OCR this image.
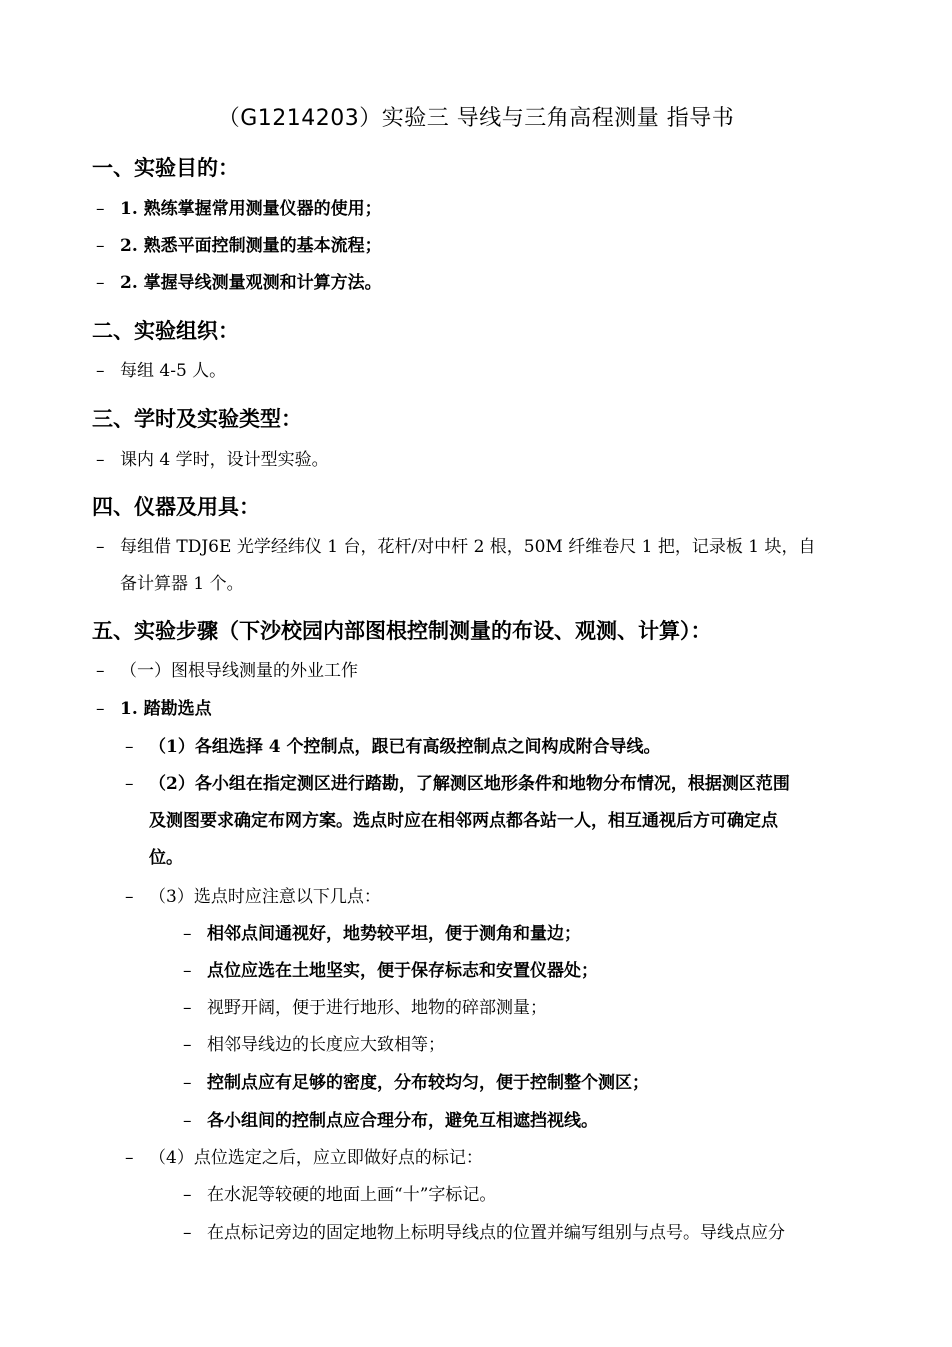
（G1214203）实验三 导线与三角高程测量 指导书
一、实验目的：
– 1. 熟练掌握常用测量仪器的使用；
– 2. 熟悉平面控制测量的基本流程；
– 2. 掌握导线测量观测和计算方法。
二、实验组织：
– 每组 4-5 人。
三、学时及实验类型：
– 课内 4 学时，设计型实验。
四、仪器及用具：
– 每组借 TDJ6E 光学经纬仪 1 台，花杆/对中杆 2 根，50M 纤维卷尺 1 把，记录板 1 块，自
备计算器 1 个。
五、实验步骤（下沙校园内部图根控制测量的布设、观测、计算）：
– （一）图根导线测量的外业工作
– 1. 踏勘选点
– （1）各组选择 4 个控制点，跟已有高级控制点之间构成附合导线。
– （2）各小组在指定测区进行踏勘，了解测区地形条件和地物分布情况，根据测区范围
及测图要求确定布网方案。选点时应在相邻两点都各站一人，相互通视后方可确定点
位。
– （3）选点时应注意以下几点：
– 相邻点间通视好，地势较平坦，便于测角和量边；
– 点位应选在土地坚实，便于保存标志和安置仪器处；
– 视野开阔，便于进行地形、地物的碎部测量；
– 相邻导线边的长度应大致相等；
– 控制点应有足够的密度，分布较均匀，便于控制整个测区；
– 各小组间的控制点应合理分布，避免互相遮挡视线。
– （4）点位选定之后，应立即做好点的标记：
– 在水泥等较硬的地面上画“十”字标记。
– 在点标记旁边的固定地物上标明导线点的位置并编写组别与点号。导线点应分
